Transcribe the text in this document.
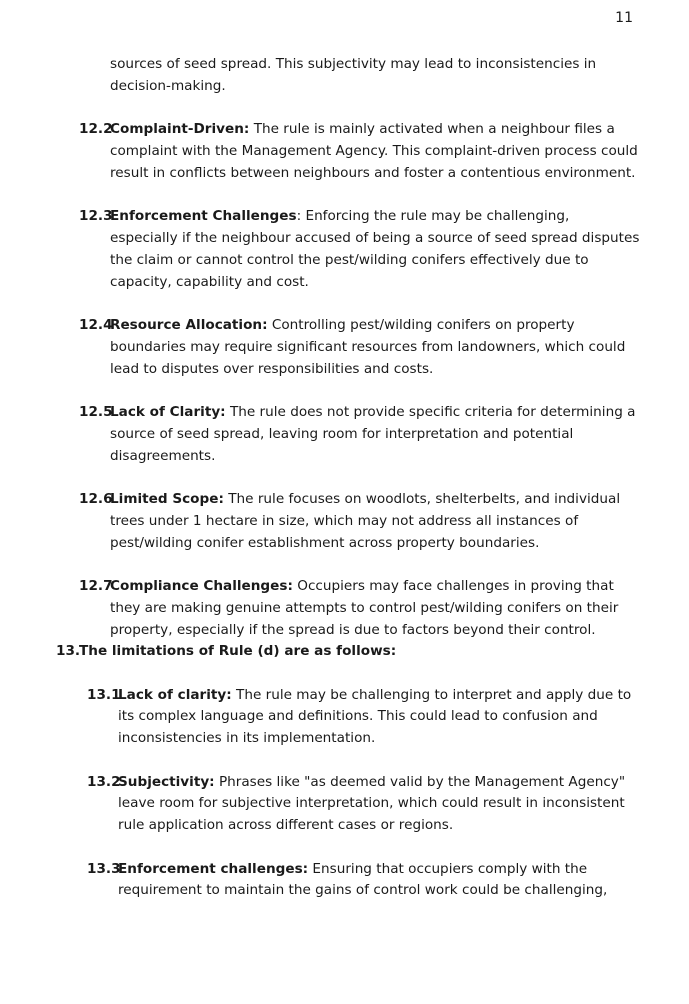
11

sources of seed spread. This subjectivity may lead to inconsistencies in decision-making.

12.2
Complaint-Driven: The rule is mainly activated when a neighbour files a complaint with the Management Agency. This complaint-driven process could result in conflicts between neighbours and foster a contentious environment.

12.3
Enforcement Challenges: Enforcing the rule may be challenging, especially if the neighbour accused of being a source of seed spread disputes the claim or cannot control the pest/wilding conifers effectively due to capacity, capability and cost.

12.4
Resource Allocation: Controlling pest/wilding conifers on property boundaries may require significant resources from landowners, which could lead to disputes over responsibilities and costs.

12.5
Lack of Clarity: The rule does not provide specific criteria for determining a source of seed spread, leaving room for interpretation and potential disagreements.

12.6
Limited Scope: The rule focuses on woodlots, shelterbelts, and individual trees under 1 hectare in size, which may not address all instances of pest/wilding conifer establishment across property boundaries.

12.7
Compliance Challenges: Occupiers may face challenges in proving that they are making genuine attempts to control pest/wilding conifers on their property, especially if the spread is due to factors beyond their control.

13.
The limitations of Rule (d) are as follows:

13.1
Lack of clarity: The rule may be challenging to interpret and apply due to its complex language and definitions. This could lead to confusion and inconsistencies in its implementation.

13.2
Subjectivity: Phrases like "as deemed valid by the Management Agency" leave room for subjective interpretation, which could result in inconsistent rule application across different cases or regions.

13.3
Enforcement challenges: Ensuring that occupiers comply with the requirement to maintain the gains of control work could be challenging,
